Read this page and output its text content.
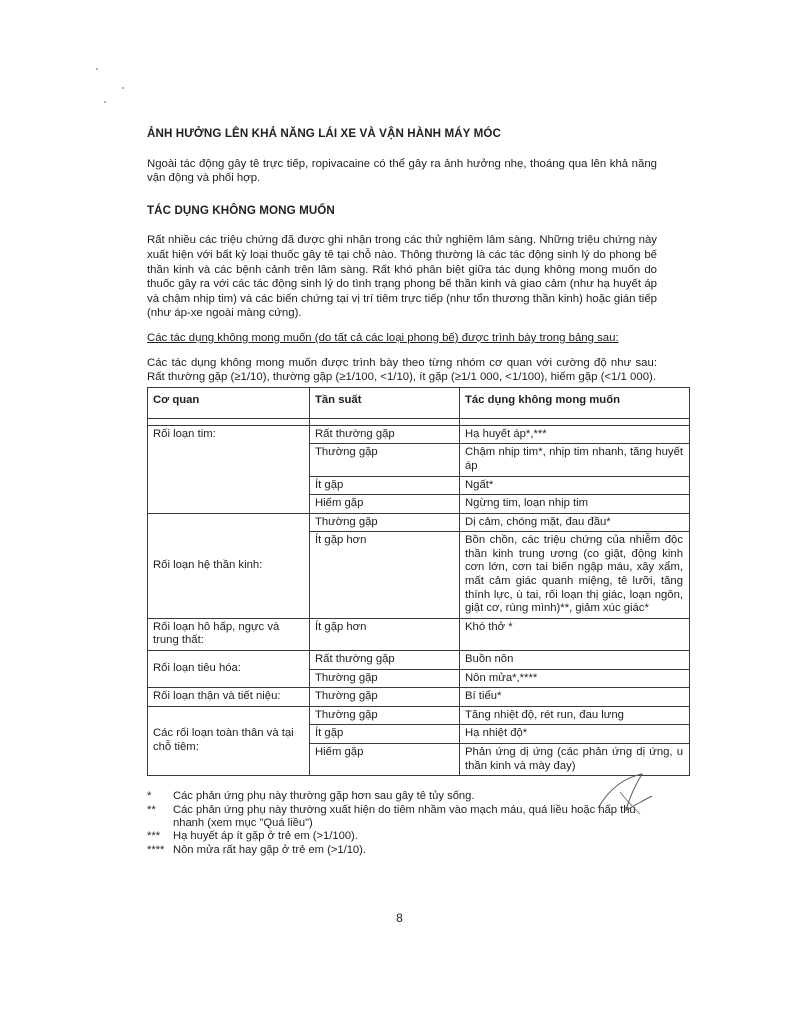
ẢNH HƯỞNG LÊN KHẢ NĂNG LÁI XE VÀ VẬN HÀNH MÁY MÓC

Ngoài tác động gây tê trực tiếp, ropivacaine có thể gây ra ảnh hưởng nhẹ, thoáng qua lên khả năng vận động và phối hợp.

TÁC DỤNG KHÔNG MONG MUỐN

Rất nhiều các triệu chứng đã được ghi nhận trong các thử nghiệm lâm sàng. Những triệu chứng này xuất hiện với bất kỳ loại thuốc gây tê tại chỗ nào. Thông thường là các tác động sinh lý do phong bế thần kinh và các bệnh cảnh trên lâm sàng. Rất khó phân biệt giữa tác dụng không mong muốn do thuốc gây ra với các tác động sinh lý do tình trạng phong bế thần kinh và giao cảm (như hạ huyết áp và chậm nhịp tim) và các biến chứng tại vị trí tiêm trực tiếp (như tổn thương thần kinh) hoặc gián tiếp (như áp-xe ngoài màng cứng).

Các tác dụng không mong muốn (do tất cả các loại phong bế) được trình bày trong bảng sau:

Các tác dụng không mong muốn được trình bày theo từng nhóm cơ quan với cường độ như sau: Rất thường gặp (≥1/10), thường gặp (≥1/100, <1/10), ít gặp (≥1/1 000, <1/100), hiếm gặp (<1/1 000).

Cơ quan	Tần suất	Tác dụng không mong muốn

Rối loạn tim:	Rất thường gặp	Hạ huyết áp*,***
	Thường gặp	Chậm nhịp tim*, nhịp tim nhanh, tăng huyết áp
	Ít gặp	Ngất*
	Hiếm gặp	Ngừng tim, loạn nhịp tim
Rối loạn hệ thần kinh:	Thường gặp	Dị cảm, chóng mặt, đau đầu*
	Ít gặp hơn	Bồn chồn, các triệu chứng của nhiễm độc thần kinh trung ương (co giật, động kinh cơn lớn, cơn tai biến ngập máu, xây xẩm, mất cảm giác quanh miệng, tê lưỡi, tăng thính lực, ù tai, rối loạn thị giác, loạn ngôn, giật cơ, rùng mình)**, giảm xúc giác*
Rối loạn hô hấp, ngực và trung thất:	Ít gặp hơn	Khó thở *
Rối loạn tiêu hóa:	Rất thường gặp	Buồn nôn
	Thường gặp	Nôn mửa*,****
Rối loạn thận và tiết niệu:	Thường gặp	Bí tiểu*
Các rối loạn toàn thân và tại chỗ tiêm:	Thường gặp	Tăng nhiệt độ, rét run, đau lưng
	Ít gặp	Hạ nhiệt độ*
	Hiếm gặp	Phản ứng dị ứng (các phản ứng dị ứng, u thần kinh và mày đay)
*	Các phản ứng phụ này thường gặp hơn sau gây tê tủy sống.
**	Các phản ứng phụ này thường xuất hiện do tiêm nhầm vào mạch máu, quá liều hoặc hấp thu nhanh (xem mục "Quá liều")
***	Hạ huyết áp ít gặp ở trẻ em (>1/100).
**** Nôn mửa rất hay gặp ở trẻ em (>1/10).
8
